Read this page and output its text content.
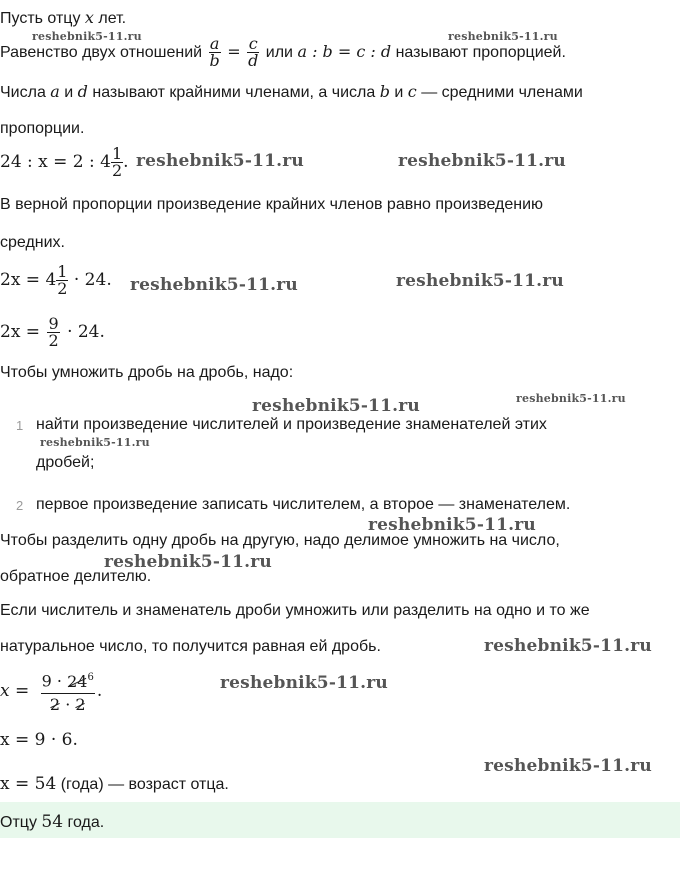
Пусть отцу x лет.
Равенство двух отношений $\frac{a}{b} = \frac{c}{d}$ или a : b = c : d называют пропорцией.
Числа a и d называют крайними членами, а числа b и c — средними членами
пропорции.
24 : x = 2 : $4 \frac{1}{2}$ .
В верной пропорции произведение крайних членов равно произведению
средних.
$2x = 4 \frac{1}{2} \cdot 24$.
$2x = \frac{9}{2} \cdot 24$.
Чтобы умножить дробь на дробь, надо:
1 найти произведение числителей и произведение знаменателей этих
дробей;
2 первое произведение записать числителем, а второе — знаменателем.
Чтобы разделить одну дробь на другую, надо делимое умножить на число,
обратное делителю.
Если числитель и знаменатель дроби умножить или разделить на одно и то же
натуральное число, то получится равная ей дробь.
$x = \frac{9 \cdot 24^6}{2 \cdot 2}$ .
x = 9 · 6.
x = 54 (года) — возраст отца.
Отцу 54 года.
reshebnik5-11.ru	reshebnik5-11.ru
reshebnik5-11.ru	reshebnik5-11.ru
reshebnik5-11.ru	reshebnik5-11.ru
reshebnik5-11.ru	reshebnik5-11.ru
reshebnik5-11.ru
reshebnik5-11.ru
reshebnik5-11.ru
reshebnik5-11.ru
reshebnik5-11.ru
reshebnik5-11.ru
